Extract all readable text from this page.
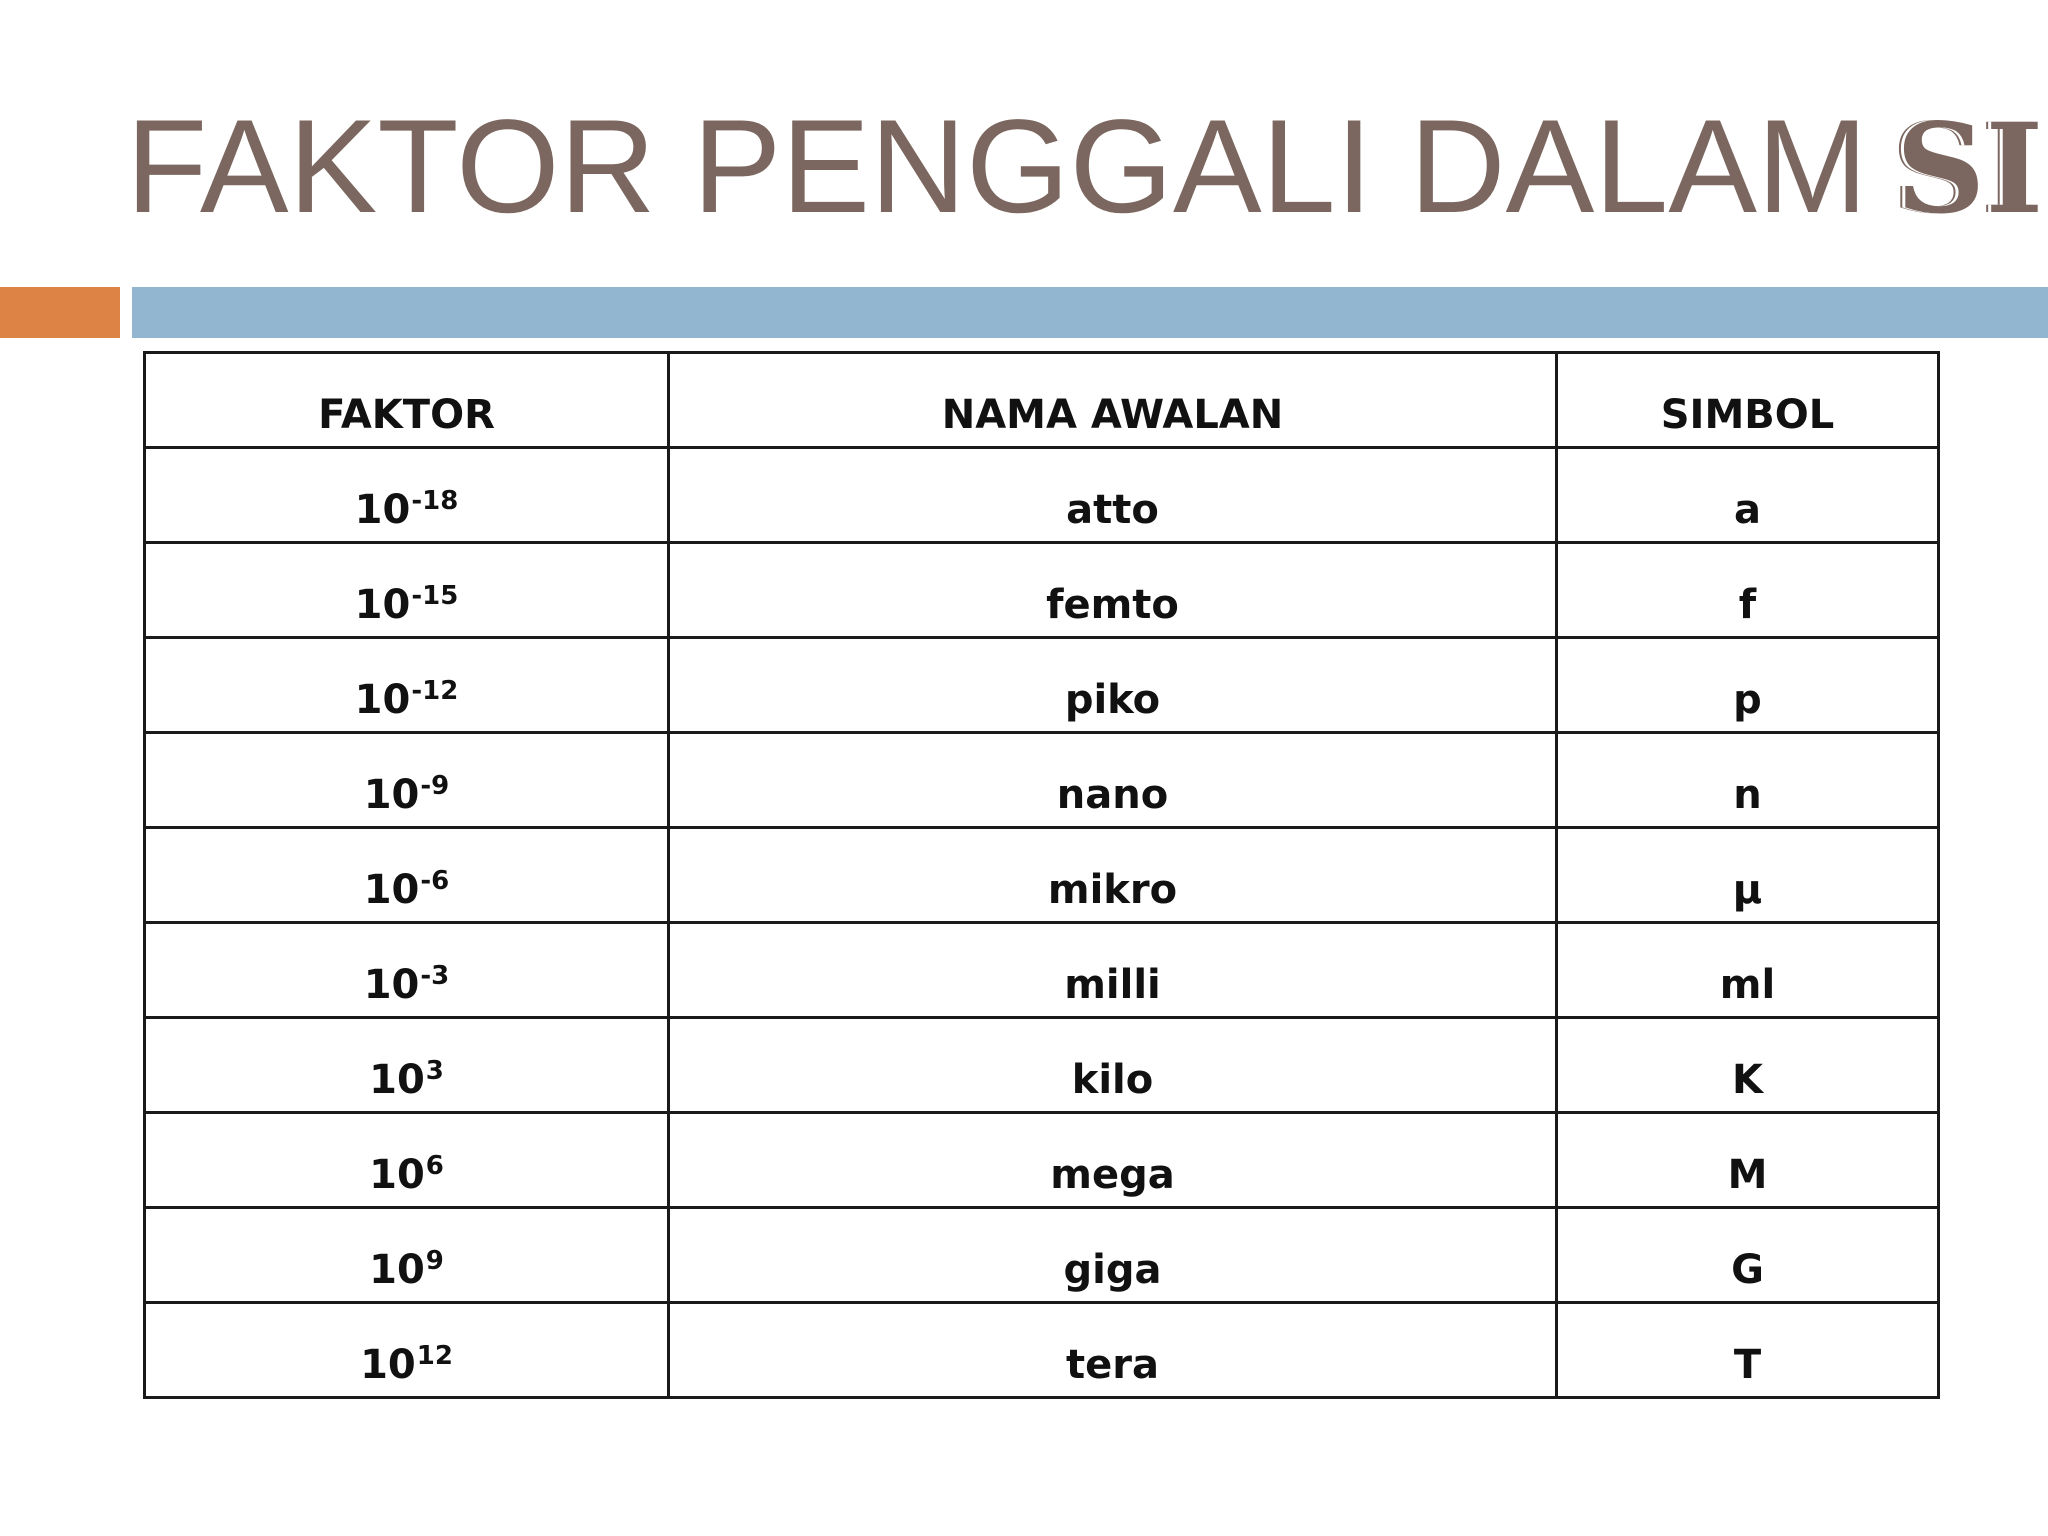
FAKTOR PENGGALI DALAM SI
FAKTOR	NAMA AWALAN	SIMBOL
$10^{-18}$	atto	a
$10^{-15}$	femto	f
$10^{-12}$	piko	p
$10^{-9}$	nano	n
$10^{-6}$	mikro	µ
$10^{-3}$	milli	ml
$10^3$	kilo	K
$10^6$	mega	M
$10^9$	giga	G
$10^{12}$	tera	T
